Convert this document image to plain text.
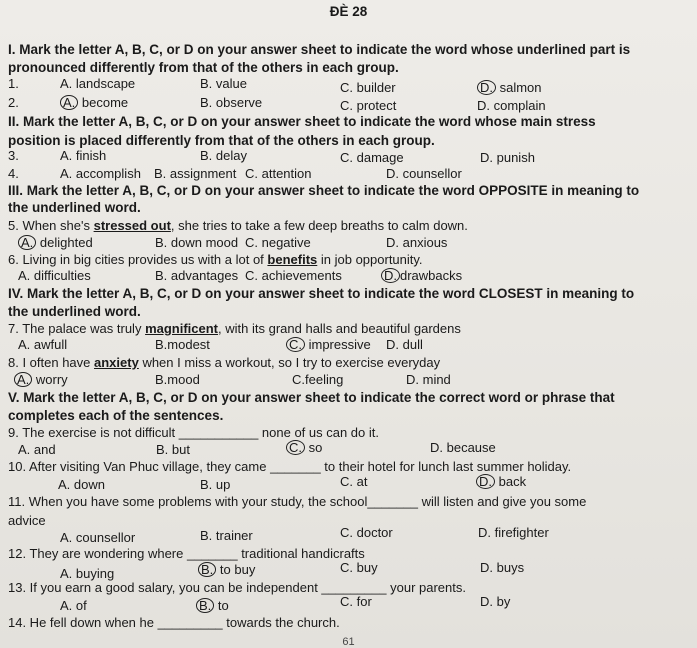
ĐÈ 28
I. Mark the letter A, B, C, or D on your answer sheet to indicate the word whose underlined part is
pronounced differently from that of the others in each group.
1.	A. landscape	B. value	C. builder	D. salmon
2.	A. become	B. observe	C. protect	D. complain
II. Mark the letter A, B, C, or D on your answer sheet to indicate the word whose main stress
position is placed differently from that of the others in each group.
3.	A. finish	B. delay	C. damage	D. punish
4.	A. accomplish B. assignment C. attention	D. counsellor
III. Mark the letter A, B, C, or D on your answer sheet to indicate the word OPPOSITE in meaning to
the underlined word.
5. When she's stressed out, she tries to take a few deep breaths to calm down.
A. delighted	B. down mood C. negative	D. anxious
6. Living in big cities provides us with a lot of benefits in job opportunity.
A. difficulties	B. advantages C. achievements	D. drawbacks
IV. Mark the letter A, B, C, or D on your answer sheet to indicate the word CLOSEST in meaning to
the underlined word.
7. The palace was truly magnificent, with its grand halls and beautiful gardens
A. awfull	B.modest	C. impressive D. dull
8. I often have anxiety when I miss a workout, so I try to exercise everyday
A. worry	B.mood	C.feeling	D. mind
V. Mark the letter A, B, C, or D on your answer sheet to indicate the correct word or phrase that
completes each of the sentences.
9. The exercise is not difficult ___________ none of us can do it.
A. and	B. but	C. so	D. because
10. After visiting Van Phuc village, they came _______ to their hotel for lunch last summer holiday.
A. down	B. up	C. at	D. back
11. When you have some problems with your study, the school_______ will listen and give you some
advice
A. counsellor	B. trainer	C. doctor	D. firefighter
12. They are wondering where _______ traditional handicrafts
A. buying	B. to buy	C. buy	D. buys
13. If you earn a good salary, you can be independent _________ your parents.
A. of	B. to	C. for	D. by
14. He fell down when he _________ towards the church.
61
